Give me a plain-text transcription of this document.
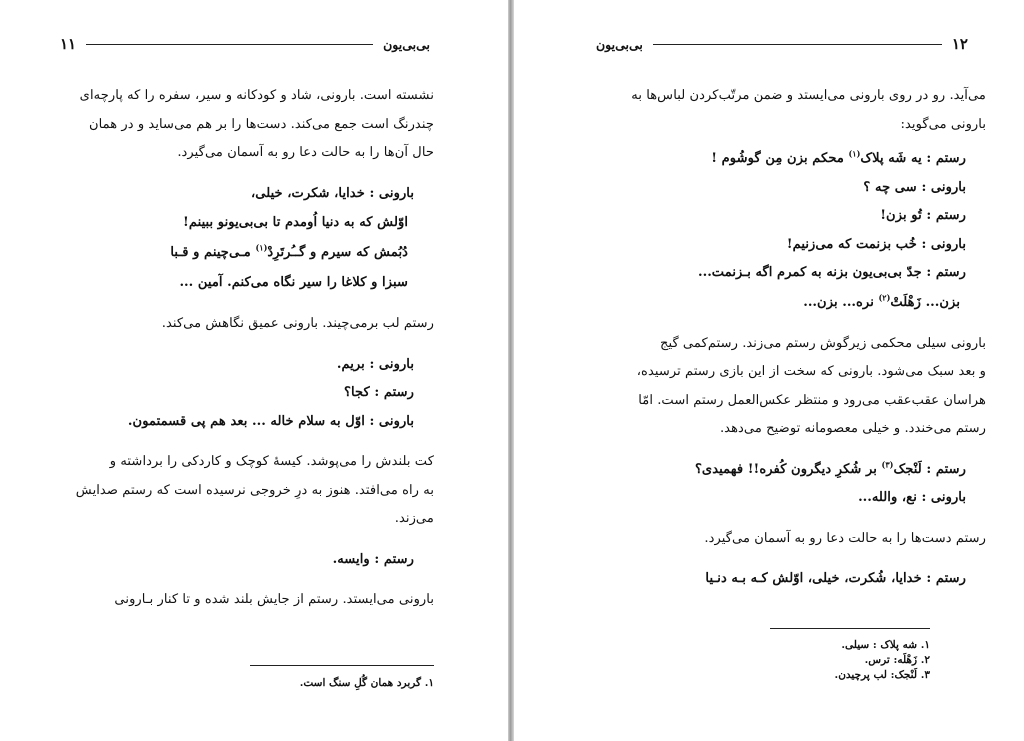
۱۱	بی‌بی‌یون

نشسته است. بارونی، شاد و کودکانه و سیر، سفره را که پارچه‌ای

چندرنگ است جمع می‌کند. دست‌ها را بر هم می‌ساید و در همان

حال آن‌ها را به حالت دعا رو به آسمان می‌گیرد.

بارونی : خدایا، شکرت، خیلی،

اوّلش که به دنیا اُومدم تا بی‌بی‌یونو ببینم!

دُبُمش که سیرم و گــُرتَرِدْ$^{(۱)}$ مـی‌چینم و قـبا

سبزا و کلاغا را سیر نگاه می‌کنم. آمین ...

رستم لب برمی‌چیند. بارونی عمیق نگاهش می‌کند.

بارونی : بریم.

رستم : کجا؟

بارونی : اوّل به سلام خاله ... بعد هم پی قسمتمون.

کت بلندش را می‌پوشد. کیسهٔ کوچک و کاردکی را برداشته و

به راه می‌افتد. هنوز به درِ خروجی نرسیده است که رستم صدایش

می‌زند.

رستم : وایسه.

بارونی می‌ایستد. رستم از جایش بلند شده و تا کنار بـارونی

۱. گربرد همان گُلِ سنگ است.
بی‌بی‌یون	۱۲

می‌آید. رو در روی بارونی می‌ایستد و ضمن مرتّب‌کردن لباس‌ها به

بارونی می‌گوید:

رستم : یه شَه پلاک$^{(۱)}$ محکم بزن مِن گوشُوم !

بارونی : سی چه ؟

رستم : تُو بزن!

بارونی : خُب بزنمت که می‌زنیم!

رستم : جدّ بی‌بی‌یون بزنه به کمرم اگه بـزنمت...

بزن... زَهْلَتْ$^{(۲)}$ نره... بزن...

بارونی سیلی محکمی زیرگوش رستم می‌زند. رستم‌کمی گیج

و بعد سبک می‌شود. بارونی که سخت از این بازی رستم ترسیده،

هراسان عقب‌عقب می‌رود و منتظر عکس‌العمل رستم است. امّا

رستم می‌خندد. و خیلی معصومانه توضیح می‌دهد.

رستم : لَنْجک$^{(۳)}$ بر شُکرِ دیگرون کُفره!! فهمیدی؟

بارونی : نع، والله...

رستم دست‌ها را به حالت دعا رو به آسمان می‌گیرد.

رستم : خدایا، شُکرت، خیلی، اوّلش کـه بـه دنـیا

۱. شه پلاک : سیلی.
۲. زَهْلَه: ترس.
۳. لَنْجک: لب پرچیدن.
